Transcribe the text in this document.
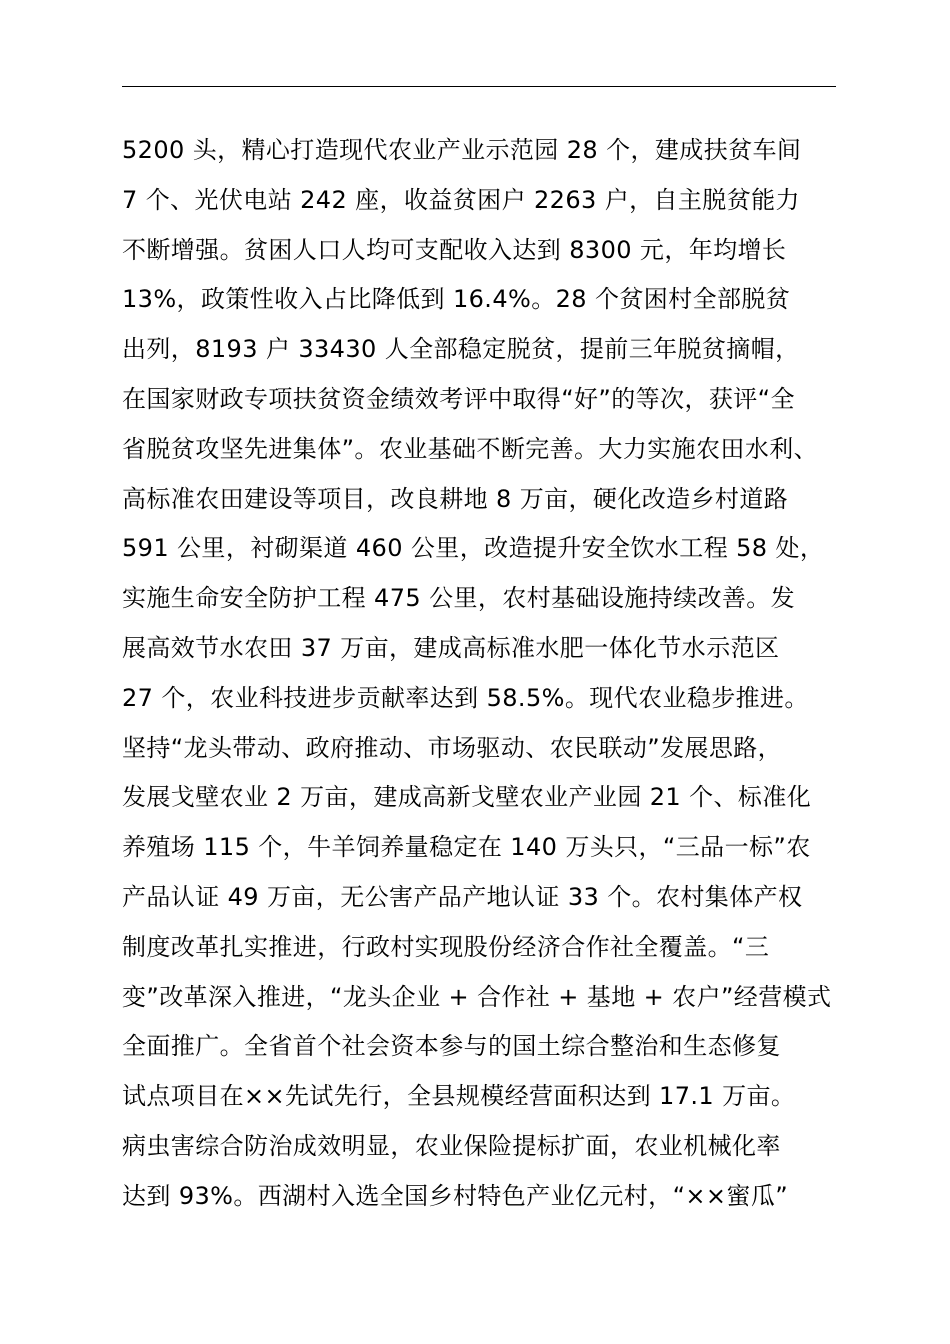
5200 头，精心打造现代农业产业示范园 28 个，建成扶贫车间
7 个、光伏电站 242 座，收益贫困户 2263 户，自主脱贫能力
不断增强。贫困人口人均可支配收入达到 8300 元，年均增长
13%，政策性收入占比降低到 16.4%。28 个贫困村全部脱贫
出列，8193 户 33430 人全部稳定脱贫，提前三年脱贫摘帽，
在国家财政专项扶贫资金绩效考评中取得“好”的等次，获评“全
省脱贫攻坚先进集体”。农业基础不断完善。大力实施农田水利、
高标准农田建设等项目，改良耕地 8 万亩，硬化改造乡村道路
591 公里，衬砌渠道 460 公里，改造提升安全饮水工程 58 处，
实施生命安全防护工程 475 公里，农村基础设施持续改善。发
展高效节水农田 37 万亩，建成高标准水肥一体化节水示范区
27 个，农业科技进步贡献率达到 58.5%。现代农业稳步推进。
坚持“龙头带动、政府推动、市场驱动、农民联动”发展思路，
发展戈壁农业 2 万亩，建成高新戈壁农业产业园 21 个、标准化
养殖场 115 个，牛羊饲养量稳定在 140 万头只，“三品一标”农
产品认证 49 万亩，无公害产品产地认证 33 个。农村集体产权
制度改革扎实推进，行政村实现股份经济合作社全覆盖。“三
变”改革深入推进，“龙头企业 + 合作社 + 基地 + 农户”经营模式
全面推广。全省首个社会资本参与的国土综合整治和生态修复
试点项目在××先试先行，全县规模经营面积达到 17.1 万亩。
病虫害综合防治成效明显，农业保险提标扩面，农业机械化率
达到 93%。西湖村入选全国乡村特色产业亿元村，“××蜜瓜”
